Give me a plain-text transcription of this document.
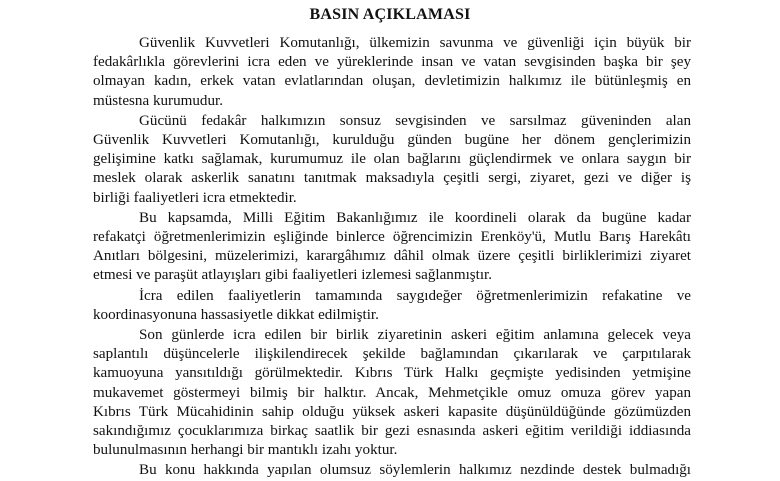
BASIN AÇIKLAMASI
Güvenlik Kuvvetleri Komutanlığı, ülkemizin savunma ve güvenliği için büyük bir
fedakârlıkla görevlerini icra eden ve yüreklerinde insan ve vatan sevgisinden başka bir şey
olmayan kadın, erkek vatan evlatlarından oluşan, devletimizin halkımız ile bütünleşmiş en
müstesna kurumudur.
Gücünü fedakâr halkımızın sonsuz sevgisinden ve sarsılmaz güveninden alan
Güvenlik Kuvvetleri Komutanlığı, kurulduğu günden bugüne her dönem gençlerimizin
gelişimine katkı sağlamak, kurumumuz ile olan bağlarını güçlendirmek ve onlara saygın bir
meslek olarak askerlik sanatını tanıtmak maksadıyla çeşitli sergi, ziyaret, gezi ve diğer iş
birliği faaliyetleri icra etmektedir.
Bu kapsamda, Milli Eğitim Bakanlığımız ile koordineli olarak da bugüne kadar
refakatçi öğretmenlerimizin eşliğinde binlerce öğrencimizin Erenköy'ü, Mutlu Barış Harekâtı
Anıtları bölgesini, müzelerimizi, karargâhımız dâhil olmak üzere çeşitli birliklerimizi ziyaret
etmesi ve paraşüt atlayışları gibi faaliyetleri izlemesi sağlanmıştır.
İcra edilen faaliyetlerin tamamında saygıdeğer öğretmenlerimizin refakatine ve
koordinasyonuna hassasiyetle dikkat edilmiştir.
Son günlerde icra edilen bir birlik ziyaretinin askeri eğitim anlamına gelecek veya
saplantılı düşüncelerle ilişkilendirecek şekilde bağlamından çıkarılarak ve çarpıtılarak
kamuoyuna yansıtıldığı görülmektedir. Kıbrıs Türk Halkı geçmişte yedisinden yetmişine
mukavemet göstermeyi bilmiş bir halktır. Ancak, Mehmetçikle omuz omuza görev yapan
Kıbrıs Türk Mücahidinin sahip olduğu yüksek askeri kapasite düşünüldüğünde gözümüzden
sakındığımız çocuklarımıza birkaç saatlik bir gezi esnasında askeri eğitim verildiği iddiasında
bulunulmasının herhangi bir mantıklı izahı yoktur.
Bu konu hakkında yapılan olumsuz söylemlerin halkımız nezdinde destek bulmadığı
